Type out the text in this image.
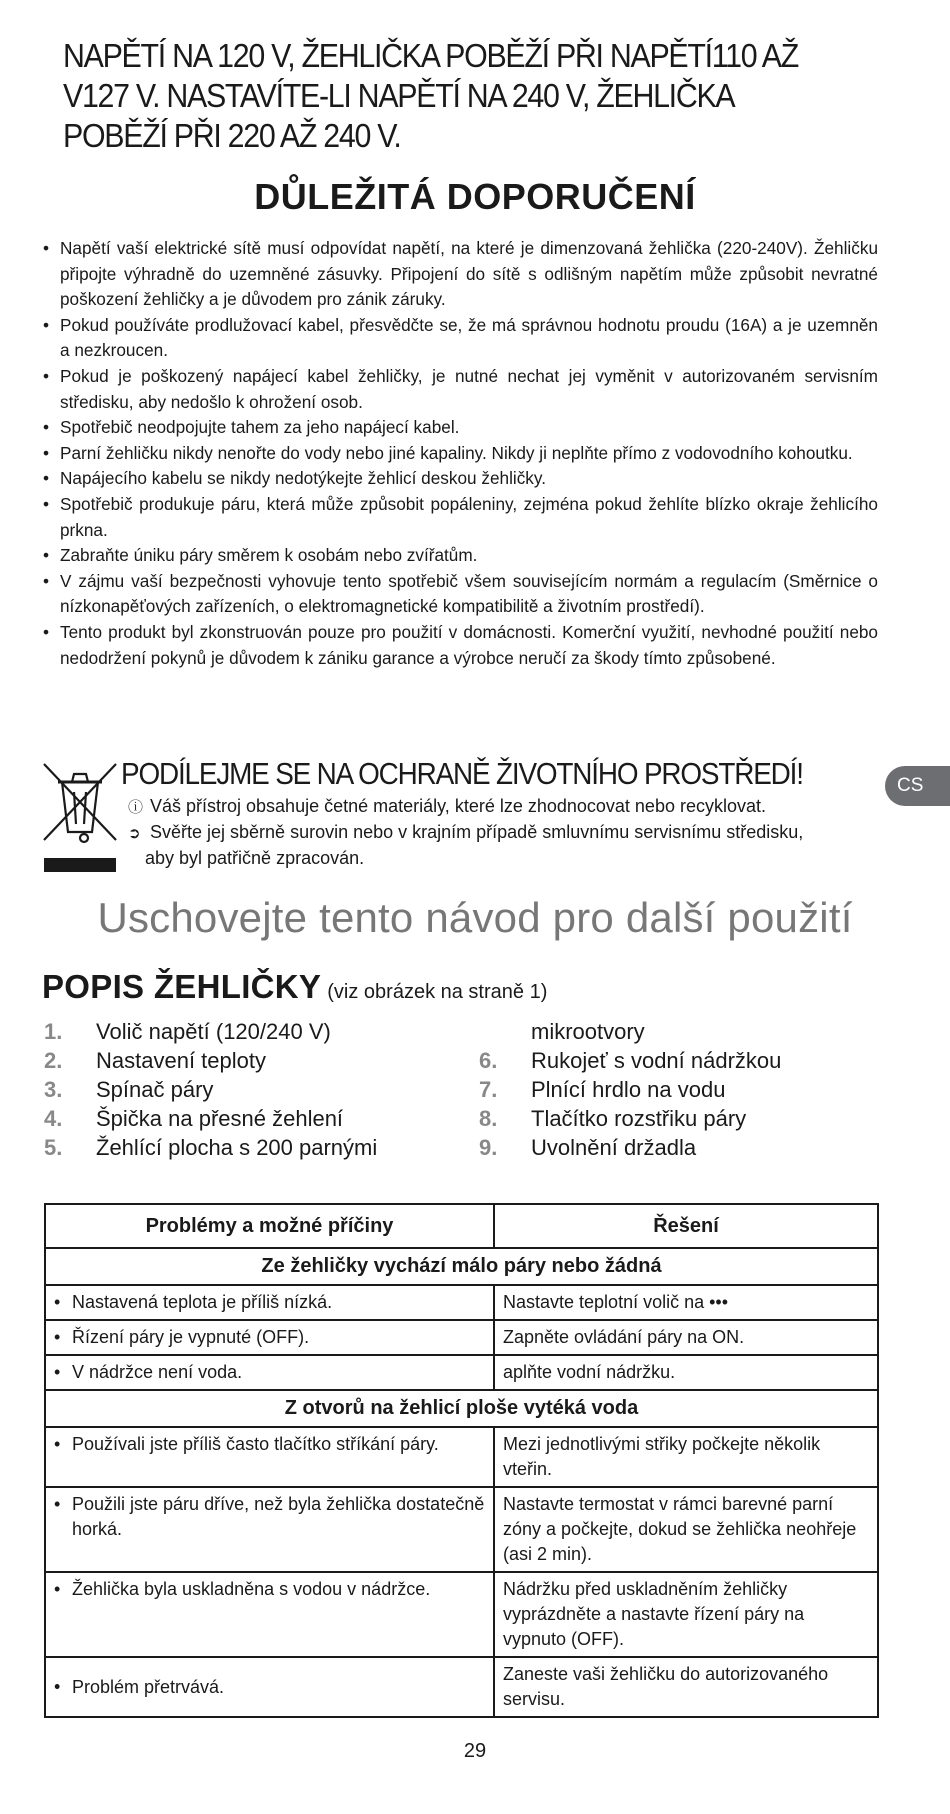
NAPĚTÍ NA 120 V, ŽEHLIČKA POBĚŽÍ PŘI NAPĚTÍ110 AŽ V127 V. NASTAVÍTE-LI NAPĚTÍ NA 240 V, ŽEHLIČKA POBĚŽÍ PŘI 220 AŽ 240 V.
DŮLEŽITÁ DOPORUČENÍ
• Napětí vaší elektrické sítě musí odpovídat napětí, na které je dimenzovaná žehlička (220-240V). Žehličku připojte výhradně do uzemněné zásuvky. Připojení do sítě s odlišným napětím může způsobit nevratné poškození žehličky a je důvodem pro zánik záruky.
• Pokud používáte prodlužovací kabel, přesvědčte se, že má správnou hodnotu proudu (16A) a je uzemněn a nezkroucen.
• Pokud je poškozený napájecí kabel žehličky, je nutné nechat jej vyměnit v autorizovaném servisním středisku, aby nedošlo k ohrožení osob.
• Spotřebič neodpojujte tahem za jeho napájecí kabel.
• Parní žehličku nikdy nenořte do vody nebo jiné kapaliny. Nikdy ji neplňte přímo z vodovodního kohoutku.
• Napájecího kabelu se nikdy nedotýkejte žehlicí deskou žehličky.
• Spotřebič produkuje páru, která může způsobit popáleniny, zejména pokud žehlíte blízko okraje žehlicího prkna.
• Zabraňte úniku páry směrem k osobám nebo zvířatům.
• V zájmu vaší bezpečnosti vyhovuje tento spotřebič všem souvisejícím normám a regulacím (Směrnice o nízkonapěťových zařízeních, o elektromagnetické kompatibilitě a životním prostředí).
• Tento produkt byl zkonstruován pouze pro použití v domácnosti. Komerční využití, nevhodné použití nebo nedodržení pokynů je důvodem k zániku garance a výrobce neručí za škody tímto způsobené.
PODÍLEJME SE NA OCHRANĚ ŽIVOTNÍHO PROSTŘEDÍ!
ⓘ Váš přístroj obsahuje četné materiály, které lze zhodnocovat nebo recyklovat.
➲ Svěřte jej sběrně surovin nebo v krajním případě smluvnímu servisnímu středisku,
aby byl patřičně zpracován.
CS
Uschovejte tento návod pro další použití
POPIS ŽEHLIČKY (viz obrázek na straně 1)
1. Volič napětí (120/240 V)
2. Nastavení teploty
3. Spínač páry
4. Špička na přesné žehlení
5. Žehlící plocha s 200 parnými
mikrootvory
6. Rukojeť s vodní nádržkou
7. Plnící hrdlo na vodu
8. Tlačítko rozstřiku páry
9. Uvolnění držadla
Problémy a možné příčiny	Řešení
Ze žehličky vychází málo páry nebo žádná	
• Nastavená teplota je příliš nízká.	Nastavte teplotní volič na •••
• Řízení páry je vypnuté (OFF).	Zapněte ovládání páry na ON.
• V nádržce není voda.	aplňte vodní nádržku.
Z otvorů na žehlicí ploše vytéká voda	
• Používali jste příliš často tlačítko stříkání páry.	Mezi jednotlivými střiky počkejte několik vteřin.
• Použili jste páru dříve, než byla žehlička dostatečně horká.	Nastavte termostat v rámci barevné parní zóny a počkejte, dokud se žehlička neohřeje (asi 2 min).
• Žehlička byla uskladněna s vodou v nádržce.	Nádržku před uskladněním žehličky vyprázdněte a nastavte řízení páry na vypnuto (OFF).
• Problém přetrvává.	Zaneste vaši žehličku do autorizovaného servisu.
29
